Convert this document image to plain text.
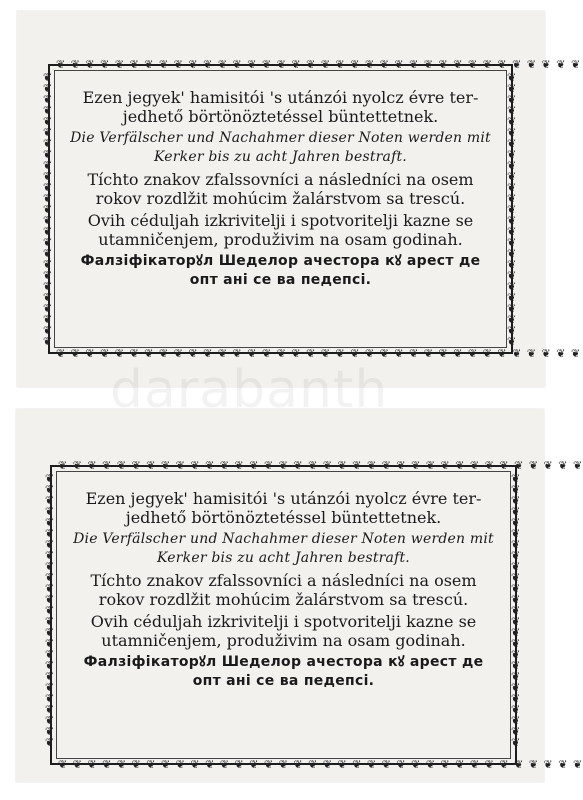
❦ ❦ ❦ ❦ ❦ ❦ ❦ ❦ ❦ ❦ ❦ ❦ ❦ ❦ ❦ ❦ ❦ ❦ ❦ ❦ ❦ ❦ ❦ ❦ ❦ ❦ ❦ ❦ ❦ ❦ ❦ ❦ ❦ ❦ ❦ ❦
❦ ❦ ❦ ❦ ❦ ❦ ❦ ❦ ❦ ❦ ❦ ❦ ❦ ❦ ❦ ❦ ❦ ❦ ❦ ❦ ❦ ❦ ❦ ❦ ❦ ❦ ❦ ❦ ❦ ❦ ❦ ❦ ❦ ❦ ❦ ❦
❦❦❦❦❦❦❦❦❦❦❦❦❦❦❦❦❦❦❦❦❦❦❦❦❦
❦❦❦❦❦❦❦❦❦❦❦❦❦❦❦❦❦❦❦❦❦❦❦❦❦

Ezen jegyek' hamisitói 's utánzói nyolcz évre ter-

jedhető börtönöztetéssel büntettetnek.

Die Verfälscher und Nachahmer dieser Noten werden mit

Kerker bis zu acht Jahren bestraft.

Tíchto znakov zfalssovníci a následníci na osem

rokov rozdlžit mohúcim žalárstvom sa trescú.

Ovih céduljah izkrivitelji i spotvoritelji kazne se

utamničenjem, produživim na osam godinah.

Фалзіфікаторꙋл Шеделор ачестора кꙋ арест де

опт ані се ва педепсі.

❦ ❦ ❦ ❦ ❦ ❦ ❦ ❦ ❦ ❦ ❦ ❦ ❦ ❦ ❦ ❦ ❦ ❦ ❦ ❦ ❦ ❦ ❦ ❦ ❦ ❦ ❦ ❦ ❦ ❦ ❦ ❦ ❦ ❦ ❦ ❦
❦ ❦ ❦ ❦ ❦ ❦ ❦ ❦ ❦ ❦ ❦ ❦ ❦ ❦ ❦ ❦ ❦ ❦ ❦ ❦ ❦ ❦ ❦ ❦ ❦ ❦ ❦ ❦ ❦ ❦ ❦ ❦ ❦ ❦ ❦ ❦
❦❦❦❦❦❦❦❦❦❦❦❦❦❦❦❦❦❦❦❦❦❦❦❦❦
❦❦❦❦❦❦❦❦❦❦❦❦❦❦❦❦❦❦❦❦❦❦❦❦❦

Ezen jegyek' hamisitói 's utánzói nyolcz évre ter-

jedhető börtönöztetéssel büntettetnek.

Die Verfälscher und Nachahmer dieser Noten werden mit

Kerker bis zu acht Jahren bestraft.

Tíchto znakov zfalssovníci a následníci na osem

rokov rozdlžit mohúcim žalárstvom sa trescú.

Ovih céduljah izkrivitelji i spotvoritelji kazne se

utamničenjem, produživim na osam godinah.

Фалзіфікаторꙋл Шеделор ачестора кꙋ арест де

опт ані се ва педепсі.

darabanth
